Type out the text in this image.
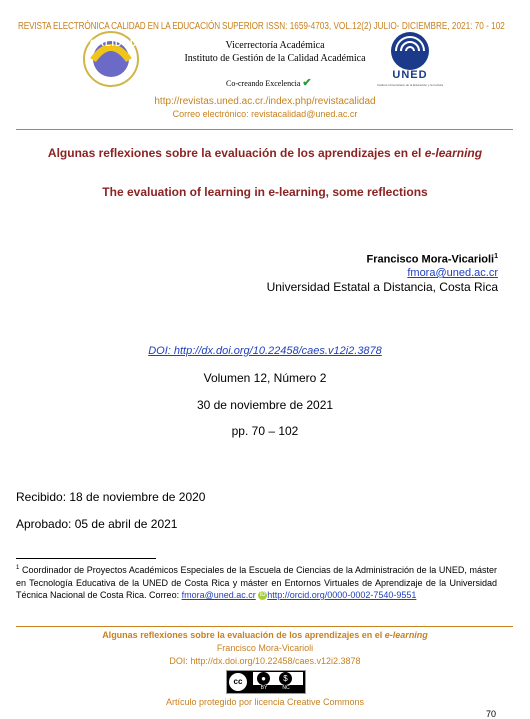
REVISTA ELECTRÓNICA CALIDAD EN LA EDUCACIÓN SUPERIOR ISSN: 1659-4703, VOL.12(2) JULIO- DICIEMBRE, 2021: 70 - 102
CALIDAD	Vicerrectoría Académica
Instituto de Gestión de la Calidad Académica
Co-creando Excelencia ✔
UNED
Instituto Universitario de la Educación y la Cultura
http://revistas.uned.ac.cr./index.php/revistacalidad
Correo electrónico: revistacalidad@uned.ac.cr
Algunas reflexiones sobre la evaluación de los aprendizajes en el e-learning
The evaluation of learning in e-learning, some reflections
Francisco Mora-Vicarioli$^1$
fmora@uned.ac.cr
Universidad Estatal a Distancia, Costa Rica
DOI: http://dx.doi.org/10.22458/caes.v12i2.3878
Volumen 12, Número 2
30 de noviembre de 2021
pp. 70 – 102
Recibido: 18 de noviembre de 2020
Aprobado: 05 de abril de 2021
$^1$ Coordinador de Proyectos Académicos Especiales de la Escuela de Ciencias de la Administración de la UNED, máster en Tecnología Educativa de la UNED de Costa Rica y máster en Entornos Virtuales de Aprendizaje de la Universidad Técnica Nacional de Costa Rica. Correo: fmora@uned.ac.cr iD http://orcid.org/0000-0002-7540-9551
Algunas reflexiones sobre la evaluación de los aprendizajes en el e-learning
Francisco Mora-Vicarioli
DOI: http://dx.doi.org/10.22458/caes.v12i2.3878
cc	●	$
BY	NC
Artículo protegido por licencia Creative Commons
70
